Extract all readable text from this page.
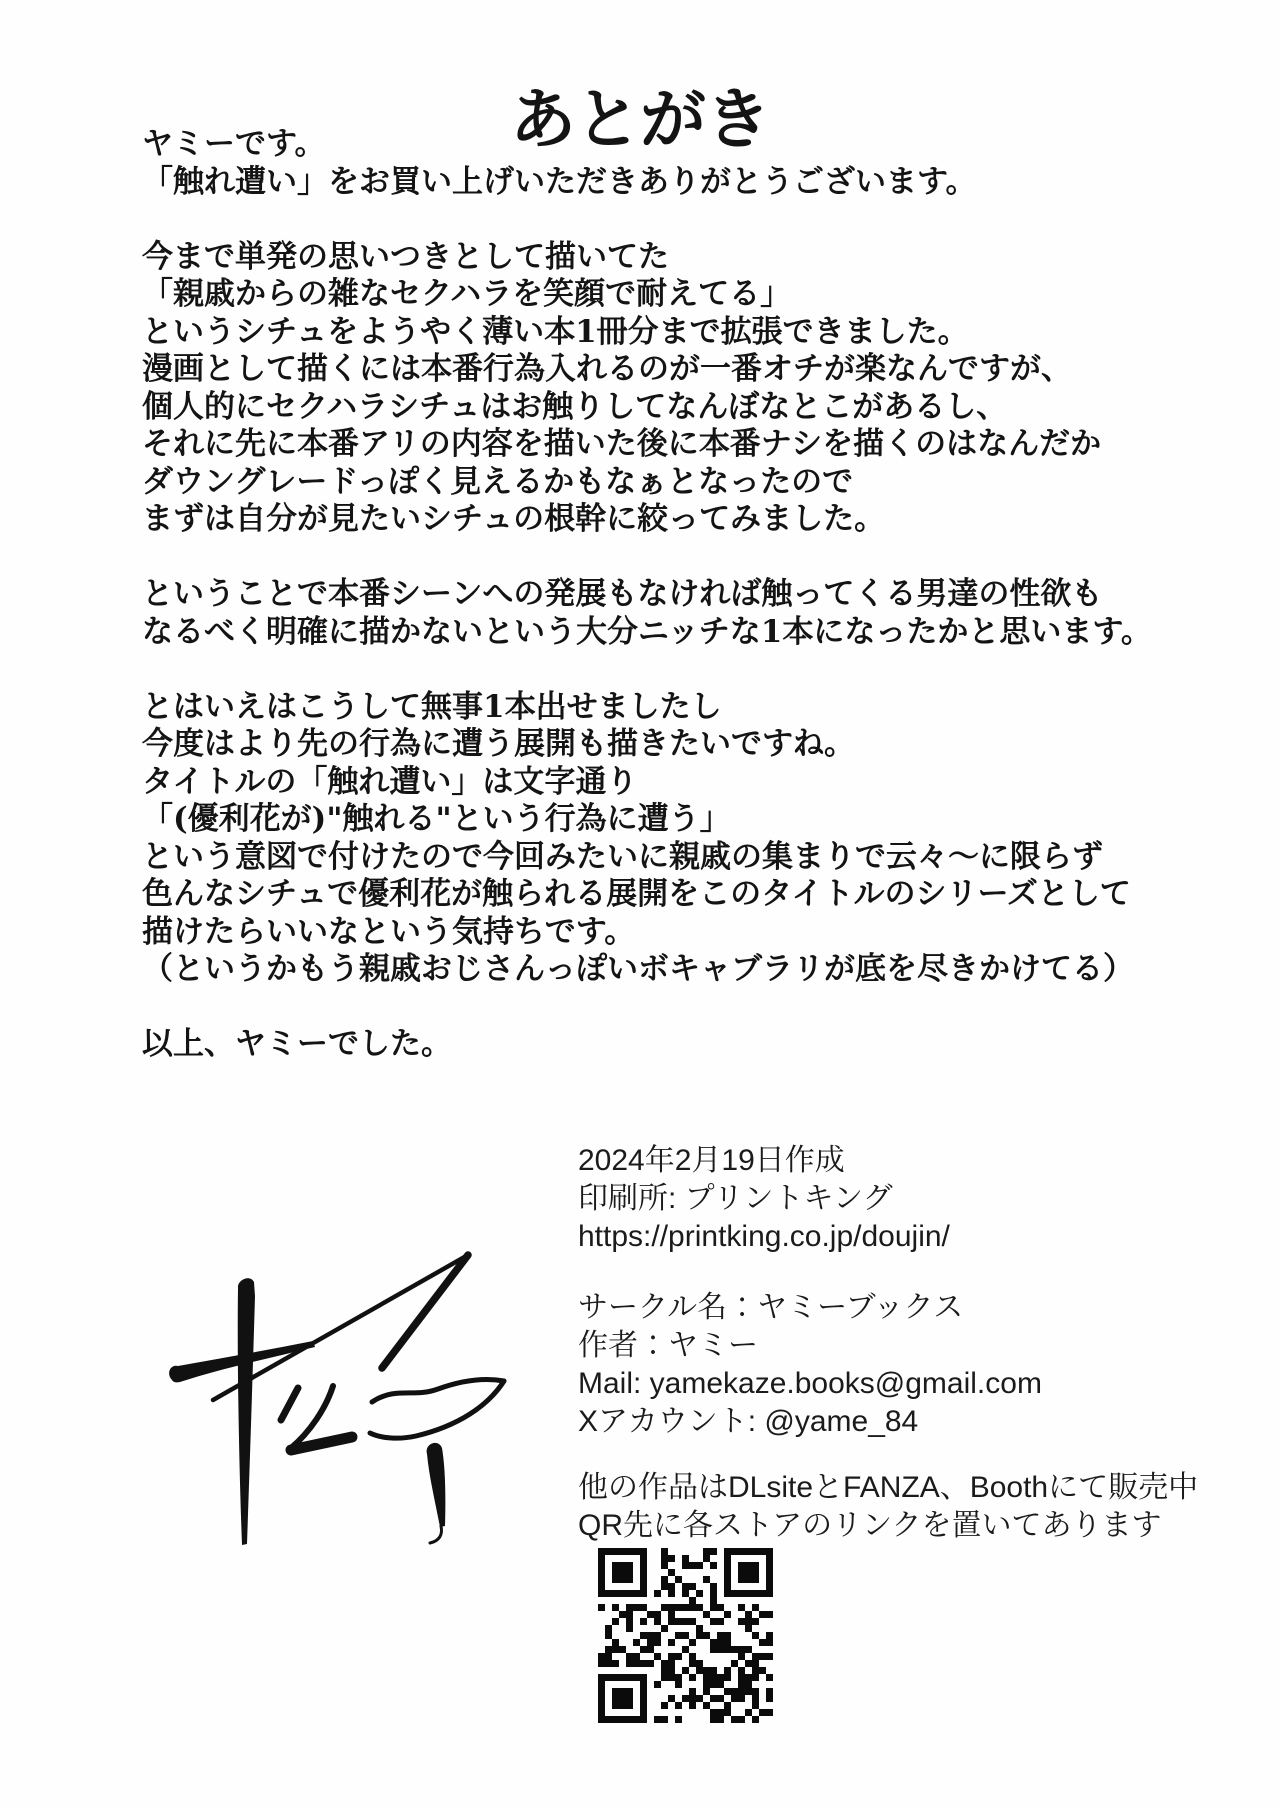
あとがき
ヤミーです。
「触れ遭い」をお買い上げいただきありがとうございます。

今まで単発の思いつきとして描いてた
「親戚からの雑なセクハラを笑顔で耐えてる」
というシチュをようやく薄い本1冊分まで拡張できました。
漫画として描くには本番行為入れるのが一番オチが楽なんですが、
個人的にセクハラシチュはお触りしてなんぼなとこがあるし、
それに先に本番アリの内容を描いた後に本番ナシを描くのはなんだか
ダウングレードっぽく見えるかもなぁとなったので
まずは自分が見たいシチュの根幹に絞ってみました。

ということで本番シーンへの発展もなければ触ってくる男達の性欲も
なるべく明確に描かないという大分ニッチな1本になったかと思います。

とはいえはこうして無事1本出せましたし
今度はより先の行為に遭う展開も描きたいですね。
タイトルの「触れ遭い」は文字通り
「(優利花が)"触れる"という行為に遭う」
という意図で付けたので今回みたいに親戚の集まりで云々〜に限らず
色んなシチュで優利花が触られる展開をこのタイトルのシリーズとして
描けたらいいなという気持ちです。
（というかもう親戚おじさんっぽいボキャブラリが底を尽きかけてる）

以上、ヤミーでした。
2024年2月19日作成
印刷所: プリントキング
https://printking.co.jp/doujin/
サークル名：ヤミーブックス
作者：ヤミー
Mail: yamekaze.books@gmail.com
Xアカウント: @yame_84
他の作品はDLsiteとFANZA、Boothにて販売中
QR先に各ストアのリンクを置いてあります
